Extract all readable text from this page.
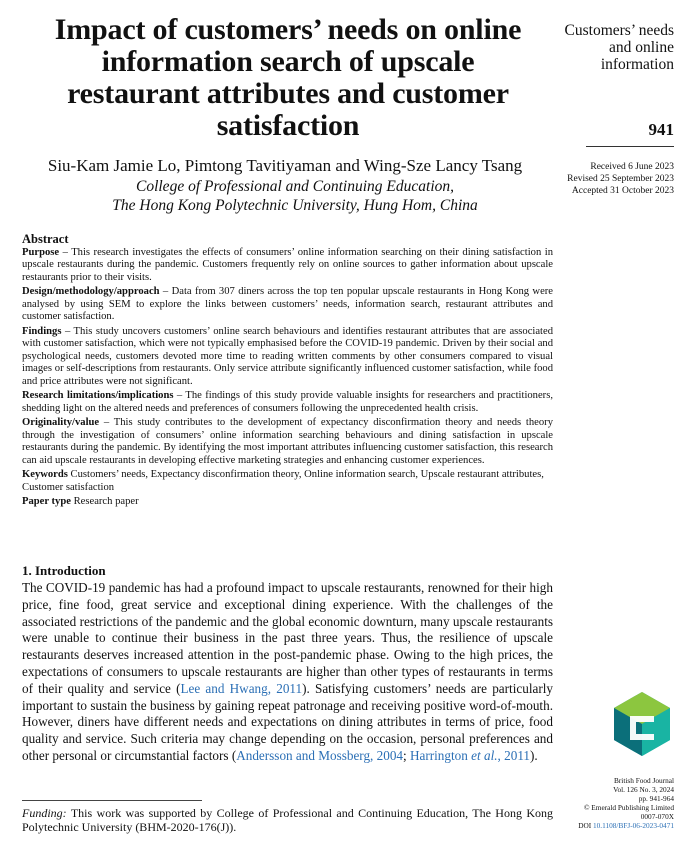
Impact of customers’ needs on online information search of upscale restaurant attributes and customer satisfaction
Siu-Kam Jamie Lo, Pimtong Tavitiyaman and Wing-Sze Lancy Tsang
College of Professional and Continuing Education,
The Hong Kong Polytechnic University, Hung Hom, China
Customers’ needs and online information
941
Received 6 June 2023
Revised 25 September 2023
Accepted 31 October 2023
Abstract

Purpose – This research investigates the effects of consumers’ online information searching on their dining satisfaction in upscale restaurants during the pandemic. Customers frequently rely on online sources to gather information about upscale restaurants prior to their visits.

Design/methodology/approach – Data from 307 diners across the top ten popular upscale restaurants in Hong Kong were analysed by using SEM to explore the links between customers’ needs, information search, restaurant attributes and customer satisfaction.

Findings – This study uncovers customers’ online search behaviours and identifies restaurant attributes that are associated with customer satisfaction, which were not typically emphasised before the COVID-19 pandemic. Driven by their social and psychological needs, customers devoted more time to reading written comments by other consumers compared to visual images or self-descriptions from restaurants. Only service attribute significantly influenced customer satisfaction, while food and price attributes were not significant.

Research limitations/implications – The findings of this study provide valuable insights for researchers and practitioners, shedding light on the altered needs and preferences of consumers following the unprecedented health crisis.

Originality/value – This study contributes to the development of expectancy disconfirmation theory and needs theory through the investigation of consumers’ online information searching behaviours and dining satisfaction in upscale restaurants during the pandemic. By identifying the most important attributes influencing customer satisfaction, this research can aid upscale restaurants in developing effective marketing strategies and enhancing customer experiences.

Keywords Customers’ needs, Expectancy disconfirmation theory, Online information search, Upscale restaurant attributes, Customer satisfaction

Paper type Research paper

1. Introduction
The COVID-19 pandemic has had a profound impact to upscale restaurants, renowned for their high price, fine food, great service and exceptional dining experience. With the challenges of the associated restrictions of the pandemic and the global economic downturn, many upscale restaurants were unable to continue their business in the past three years. Thus, the resilience of upscale restaurants deserves increased attention in the post-pandemic phase. Owing to the high prices, the expectations of consumers to upscale restaurants are higher than other types of restaurants in terms of their quality and service (Lee and Hwang, 2011). Satisfying customers’ needs are particularly important to sustain the business by gaining repeat patronage and receiving positive word-of-mouth. However, diners have different needs and expectations on dining attributes in terms of price, food quality and service. Such criteria may change depending on the occasion, personal preferences and other personal or circumstantial factors (Andersson and Mossberg, 2004; Harrington et al., 2011).
Funding: This work was supported by College of Professional and Continuing Education, The Hong Kong Polytechnic University (BHM-2020-176(J)).
British Food Journal
Vol. 126 No. 3, 2024
pp. 941-964
© Emerald Publishing Limited
0007-070X
DOI 10.1108/BFJ-06-2023-0471
